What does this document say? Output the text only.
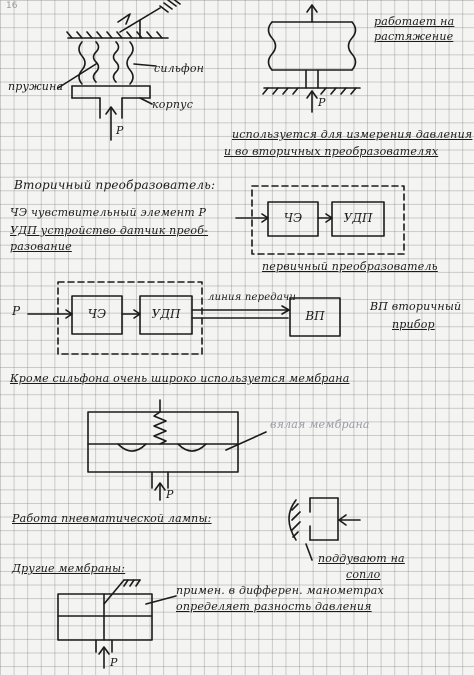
16
пружина
сильфон
корпус
P
работает на растяжение
P
используется для измерения давления
и во вторичных преобразователях
Вторичный преобразователь:
ЧЭ чувствительный элемент P
УДП устройство датчик преоб-
разование
ЧЭ	УДП
первичный преобразователь
P	ЧЭ	УДП
линия передачи
ВП
ВП вторичный
прибор
Кроме сильфона очень широко используется мембрана
вялая мембрана
P
Работа пневматической лампы:
поддувают на
сопло
Другие мембраны:
примен. в дифферен. манометрах
определяет разность давления
P
